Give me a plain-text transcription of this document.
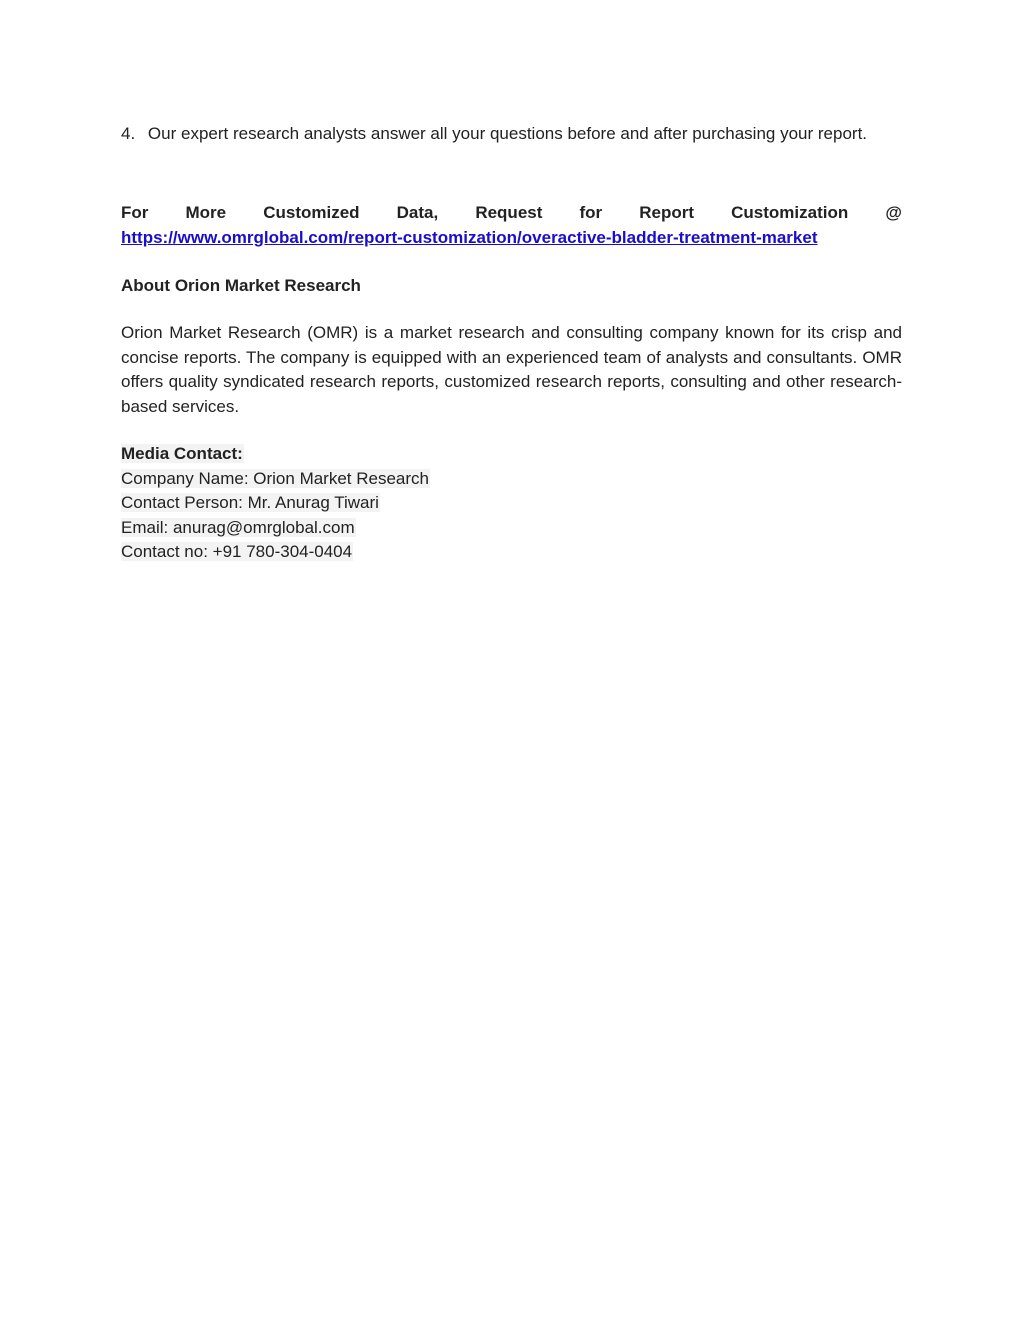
4. Our expert research analysts answer all your questions before and after purchasing your report.

For More Customized Data, Request for Report Customization @
https://www.omrglobal.com/report-customization/overactive-bladder-treatment-market

About Orion Market Research

Orion Market Research (OMR) is a market research and consulting company known for its crisp and concise reports. The company is equipped with an experienced team of analysts and consultants. OMR offers quality syndicated research reports, customized research reports, consulting and other research-based services.

Media Contact:
Company Name: Orion Market Research
Contact Person: Mr. Anurag Tiwari
Email: anurag@omrglobal.com
Contact no: +91 780-304-0404
